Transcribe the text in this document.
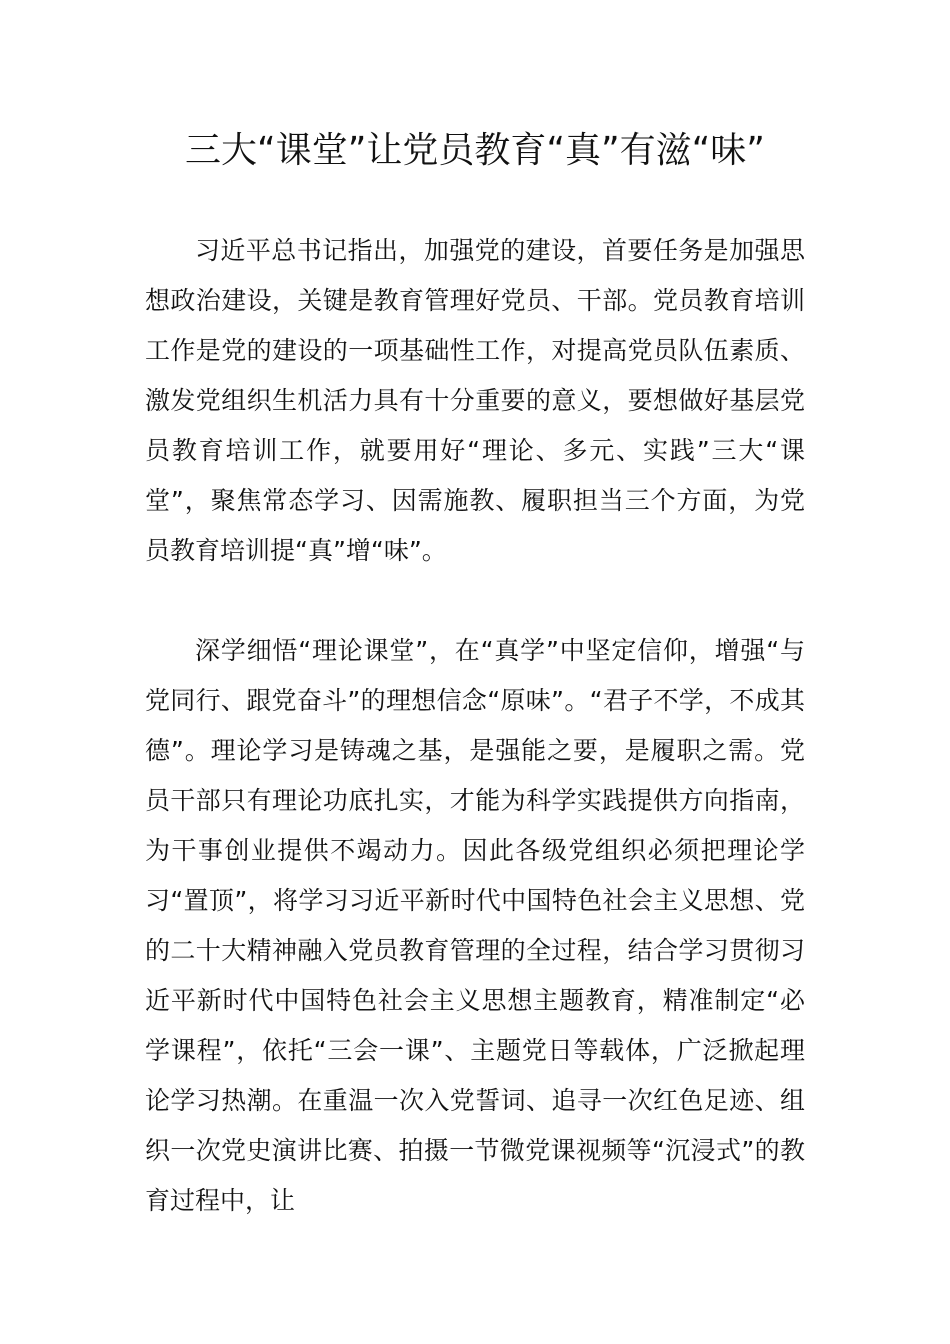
三大“课堂”让党员教育“真”有滋“味”

习近平总书记指出，加强党的建设，首要任务是加强思想政治建设，关键是教育管理好党员、干部。党员教育培训工作是党的建设的一项基础性工作，对提高党员队伍素质、激发党组织生机活力具有十分重要的意义，要想做好基层党员教育培训工作，就要用好“理论、多元、实践”三大“课堂”，聚焦常态学习、因需施教、履职担当三个方面，为党员教育培训提“真”增“味”。

深学细悟“理论课堂”，在“真学”中坚定信仰，增强“与党同行、跟党奋斗”的理想信念“原味”。“君子不学，不成其德”。理论学习是铸魂之基，是强能之要，是履职之需。党员干部只有理论功底扎实，才能为科学实践提供方向指南，为干事创业提供不竭动力。因此各级党组织必须把理论学习“置顶”，将学习习近平新时代中国特色社会主义思想、党的二十大精神融入党员教育管理的全过程，结合学习贯彻习近平新时代中国特色社会主义思想主题教育，精准制定“必学课程”，依托“三会一课”、主题党日等载体，广泛掀起理论学习热潮。在重温一次入党誓词、追寻一次红色足迹、组织一次党史演讲比赛、拍摄一节微党课视频等“沉浸式”的教育过程中，让
